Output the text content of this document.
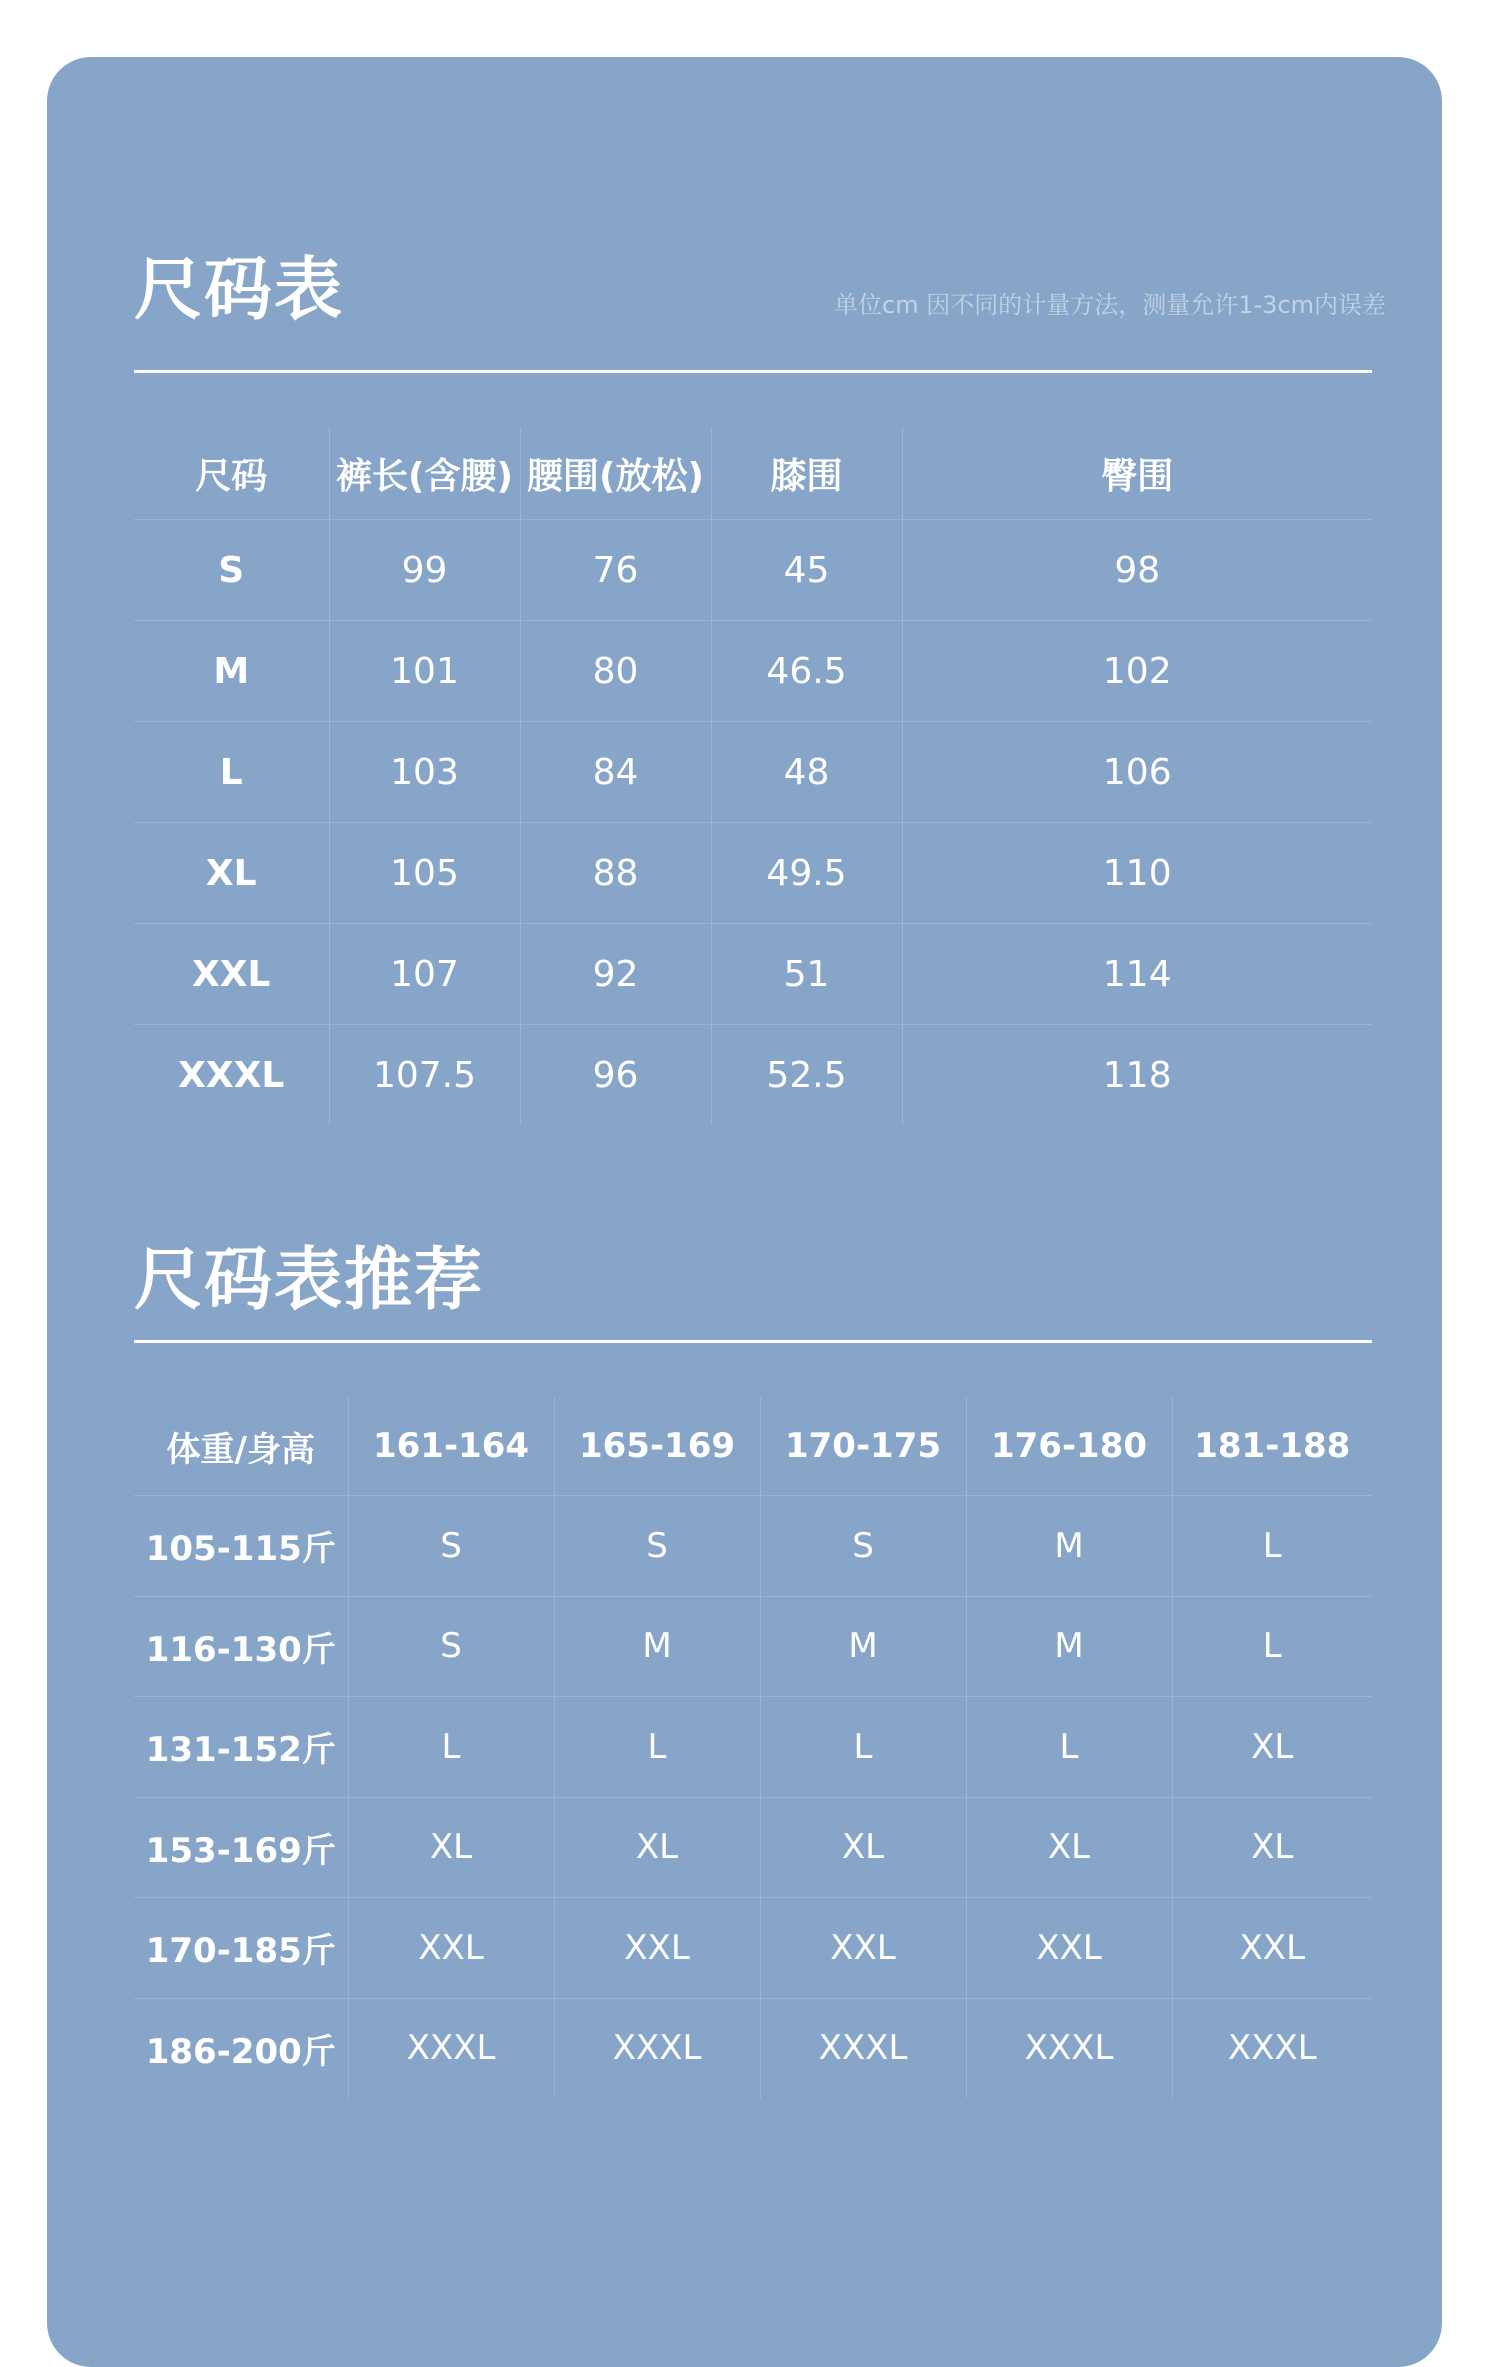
尺码表	单位cm 因不同的计量方法，测量允许1-3cm内误差
尺码	裤长(含腰)	腰围(放松)	膝围	臀围
S	99	76	45	98
M	101	80	46.5	102
L	103	84	48	106
XL	105	88	49.5	110
XXL	107	92	51	114
XXXL	107.5	96	52.5	118
尺码表推荐
体重/身高	161-164	165-169	170-175	176-180	181-188
105-115斤	S	S	S	M	L
116-130斤	S	M	M	M	L
131-152斤	L	L	L	L	XL
153-169斤	XL	XL	XL	XL	XL
170-185斤	XXL	XXL	XXL	XXL	XXL
186-200斤	XXXL	XXXL	XXXL	XXXL	XXXL
